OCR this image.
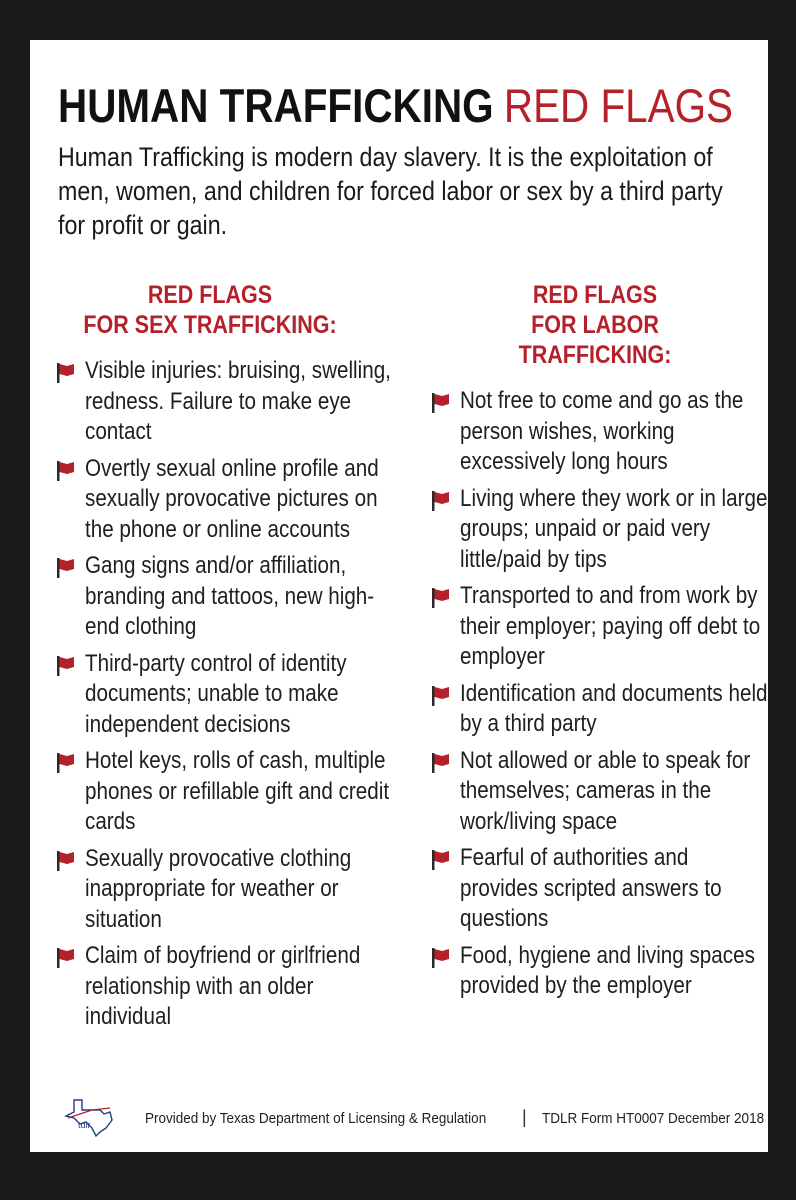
HUMAN TRAFFICKING RED FLAGS
Human Trafficking is modern day slavery. It is the exploitation of men, women, and children for forced labor or sex by a third party for profit or gain.
RED FLAGS
FOR SEX TRAFFICKING:
Visible injuries: bruising, swelling, redness. Failure to make eye contact
Overtly sexual online profile and sexually provocative pictures on the phone or online accounts
Gang signs and/or affiliation, branding and tattoos, new high-end clothing
Third-party control of identity documents; unable to make independent decisions
Hotel keys, rolls of cash, multiple phones or refillable gift and credit cards
Sexually provocative clothing inappropriate for weather or situation
Claim of boyfriend or girlfriend relationship with an older individual
RED FLAGS
FOR LABOR TRAFFICKING:
Not free to come and go as the person wishes, working excessively long hours
Living where they work or in large groups; unpaid or paid very little/paid by tips
Transported to and from work by their employer; paying off debt to employer
Identification and documents held by a third party
Not allowed or able to speak for themselves; cameras in the work/living space
Fearful of authorities and provides scripted answers to questions
Food, hygiene and living spaces provided by the employer
tdlr	Provided by Texas Department of Licensing & Regulation | TDLR Form HT0007 December 2018
